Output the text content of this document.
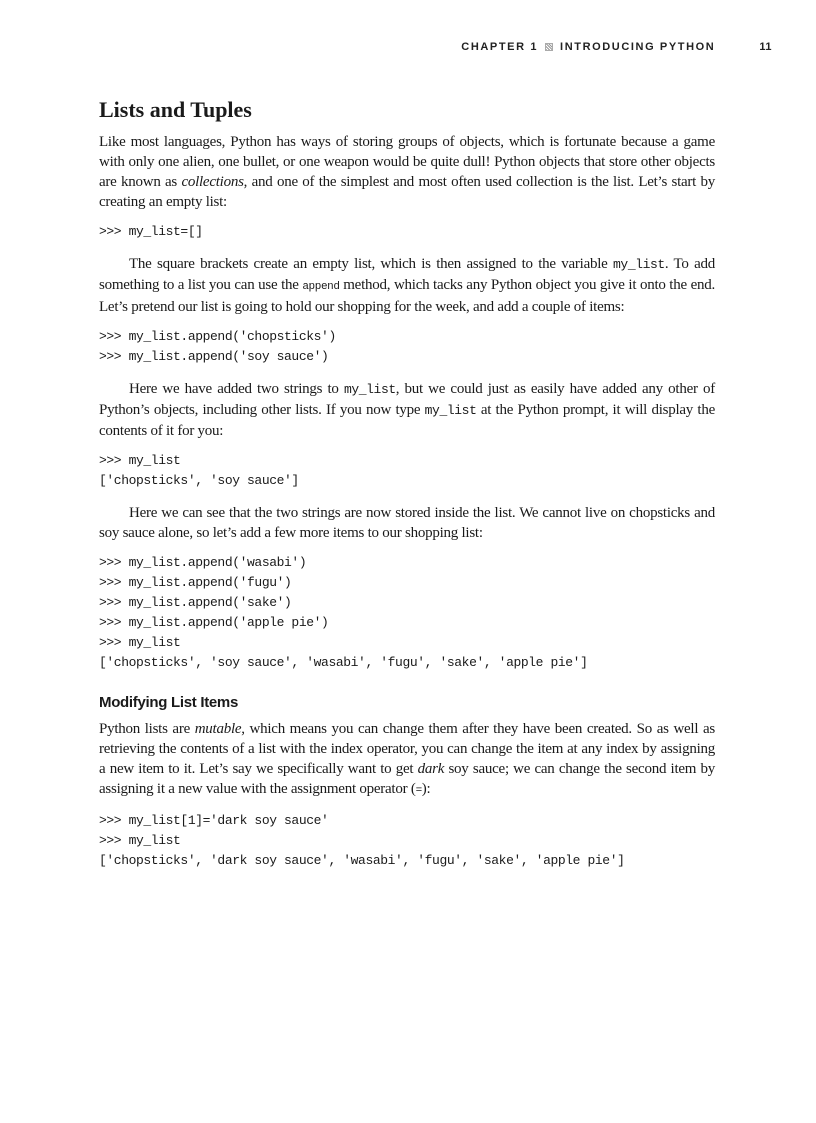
CHAPTER 1 INTRODUCING PYTHON	11
Lists and Tuples

Like most languages, Python has ways of storing groups of objects, which is fortunate because a game with only one alien, one bullet, or one weapon would be quite dull! Python objects that store other objects are known as collections, and one of the simplest and most often used collection is the list. Let’s start by creating an empty list:

>>> my_list=[]

The square brackets create an empty list, which is then assigned to the variable my_list. To add something to a list you can use the append method, which tacks any Python object you give it onto the end. Let’s pretend our list is going to hold our shopping for the week, and add a couple of items:

>>> my_list.append('chopsticks')
>>> my_list.append('soy sauce')

Here we have added two strings to my_list, but we could just as easily have added any other of Python’s objects, including other lists. If you now type my_list at the Python prompt, it will display the contents of it for you:

>>> my_list
['chopsticks', 'soy sauce']

Here we can see that the two strings are now stored inside the list. We cannot live on chopsticks and soy sauce alone, so let’s add a few more items to our shopping list:

>>> my_list.append('wasabi')
>>> my_list.append('fugu')
>>> my_list.append('sake')
>>> my_list.append('apple pie')
>>> my_list
['chopsticks', 'soy sauce', 'wasabi', 'fugu', 'sake', 'apple pie']
Modifying List Items

Python lists are mutable, which means you can change them after they have been created. So as well as retrieving the contents of a list with the index operator, you can change the item at any index by assigning a new item to it. Let’s say we specifically want to get dark soy sauce; we can change the second item by assigning it a new value with the assignment operator (=):

>>> my_list[1]='dark soy sauce'
>>> my_list
['chopsticks', 'dark soy sauce', 'wasabi', 'fugu', 'sake', 'apple pie']
